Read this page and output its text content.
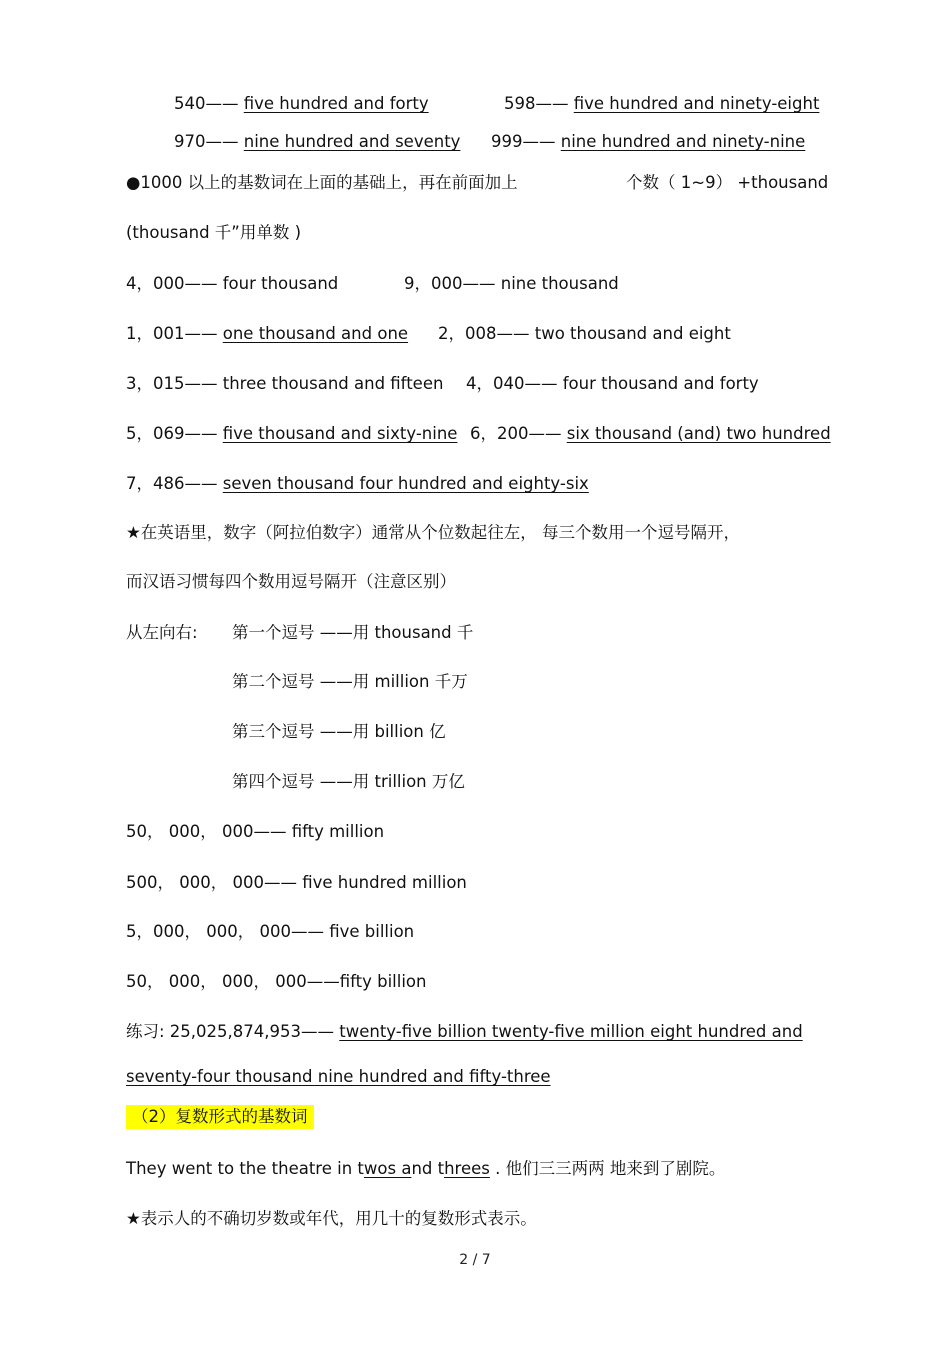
540—— five hundred and forty	598—— five hundred and ninety-eight
970—— nine hundred and seventy 999—— nine hundred and ninety-nine
●1000 以上的基数词在上面的基础上，再在前面加上	个数（ 1~9） +thousand
(thousand 千”用单数 )
4，000—— four thousand	9，000—— nine thousand
1，001—— one thousand and one 2，008—— two thousand and eight
3，015—— three thousand and fifteen 4，040—— four thousand and forty
5，069—— five thousand and sixty-nine 6，200—— six thousand (and) two hundred
7，486—— seven thousand four hundred and eighty-six
★在英语里，数字（阿拉伯数字）通常从个位数起往左， 每三个数用一个逗号隔开，
而汉语习惯每四个数用逗号隔开（注意区别）
从左向右: 第一个逗号 ——用 thousand 千
第二个逗号 ——用 million 千万
第三个逗号 ——用 billion 亿
第四个逗号 ——用 trillion 万亿
50， 000， 000—— fifty million
500， 000， 000—— five hundred million
5，000， 000， 000—— five billion
50， 000， 000， 000——fifty billion
练习: 25,025,874,953—— twenty-five billion twenty-five million eight hundred and
seventy-four thousand nine hundred and fifty-three
（2）复数形式的基数词
They went to the theatre in twos and threes . 他们三三两两 地来到了剧院。
★表示人的不确切岁数或年代，用几十的复数形式表示。
2 / 7
